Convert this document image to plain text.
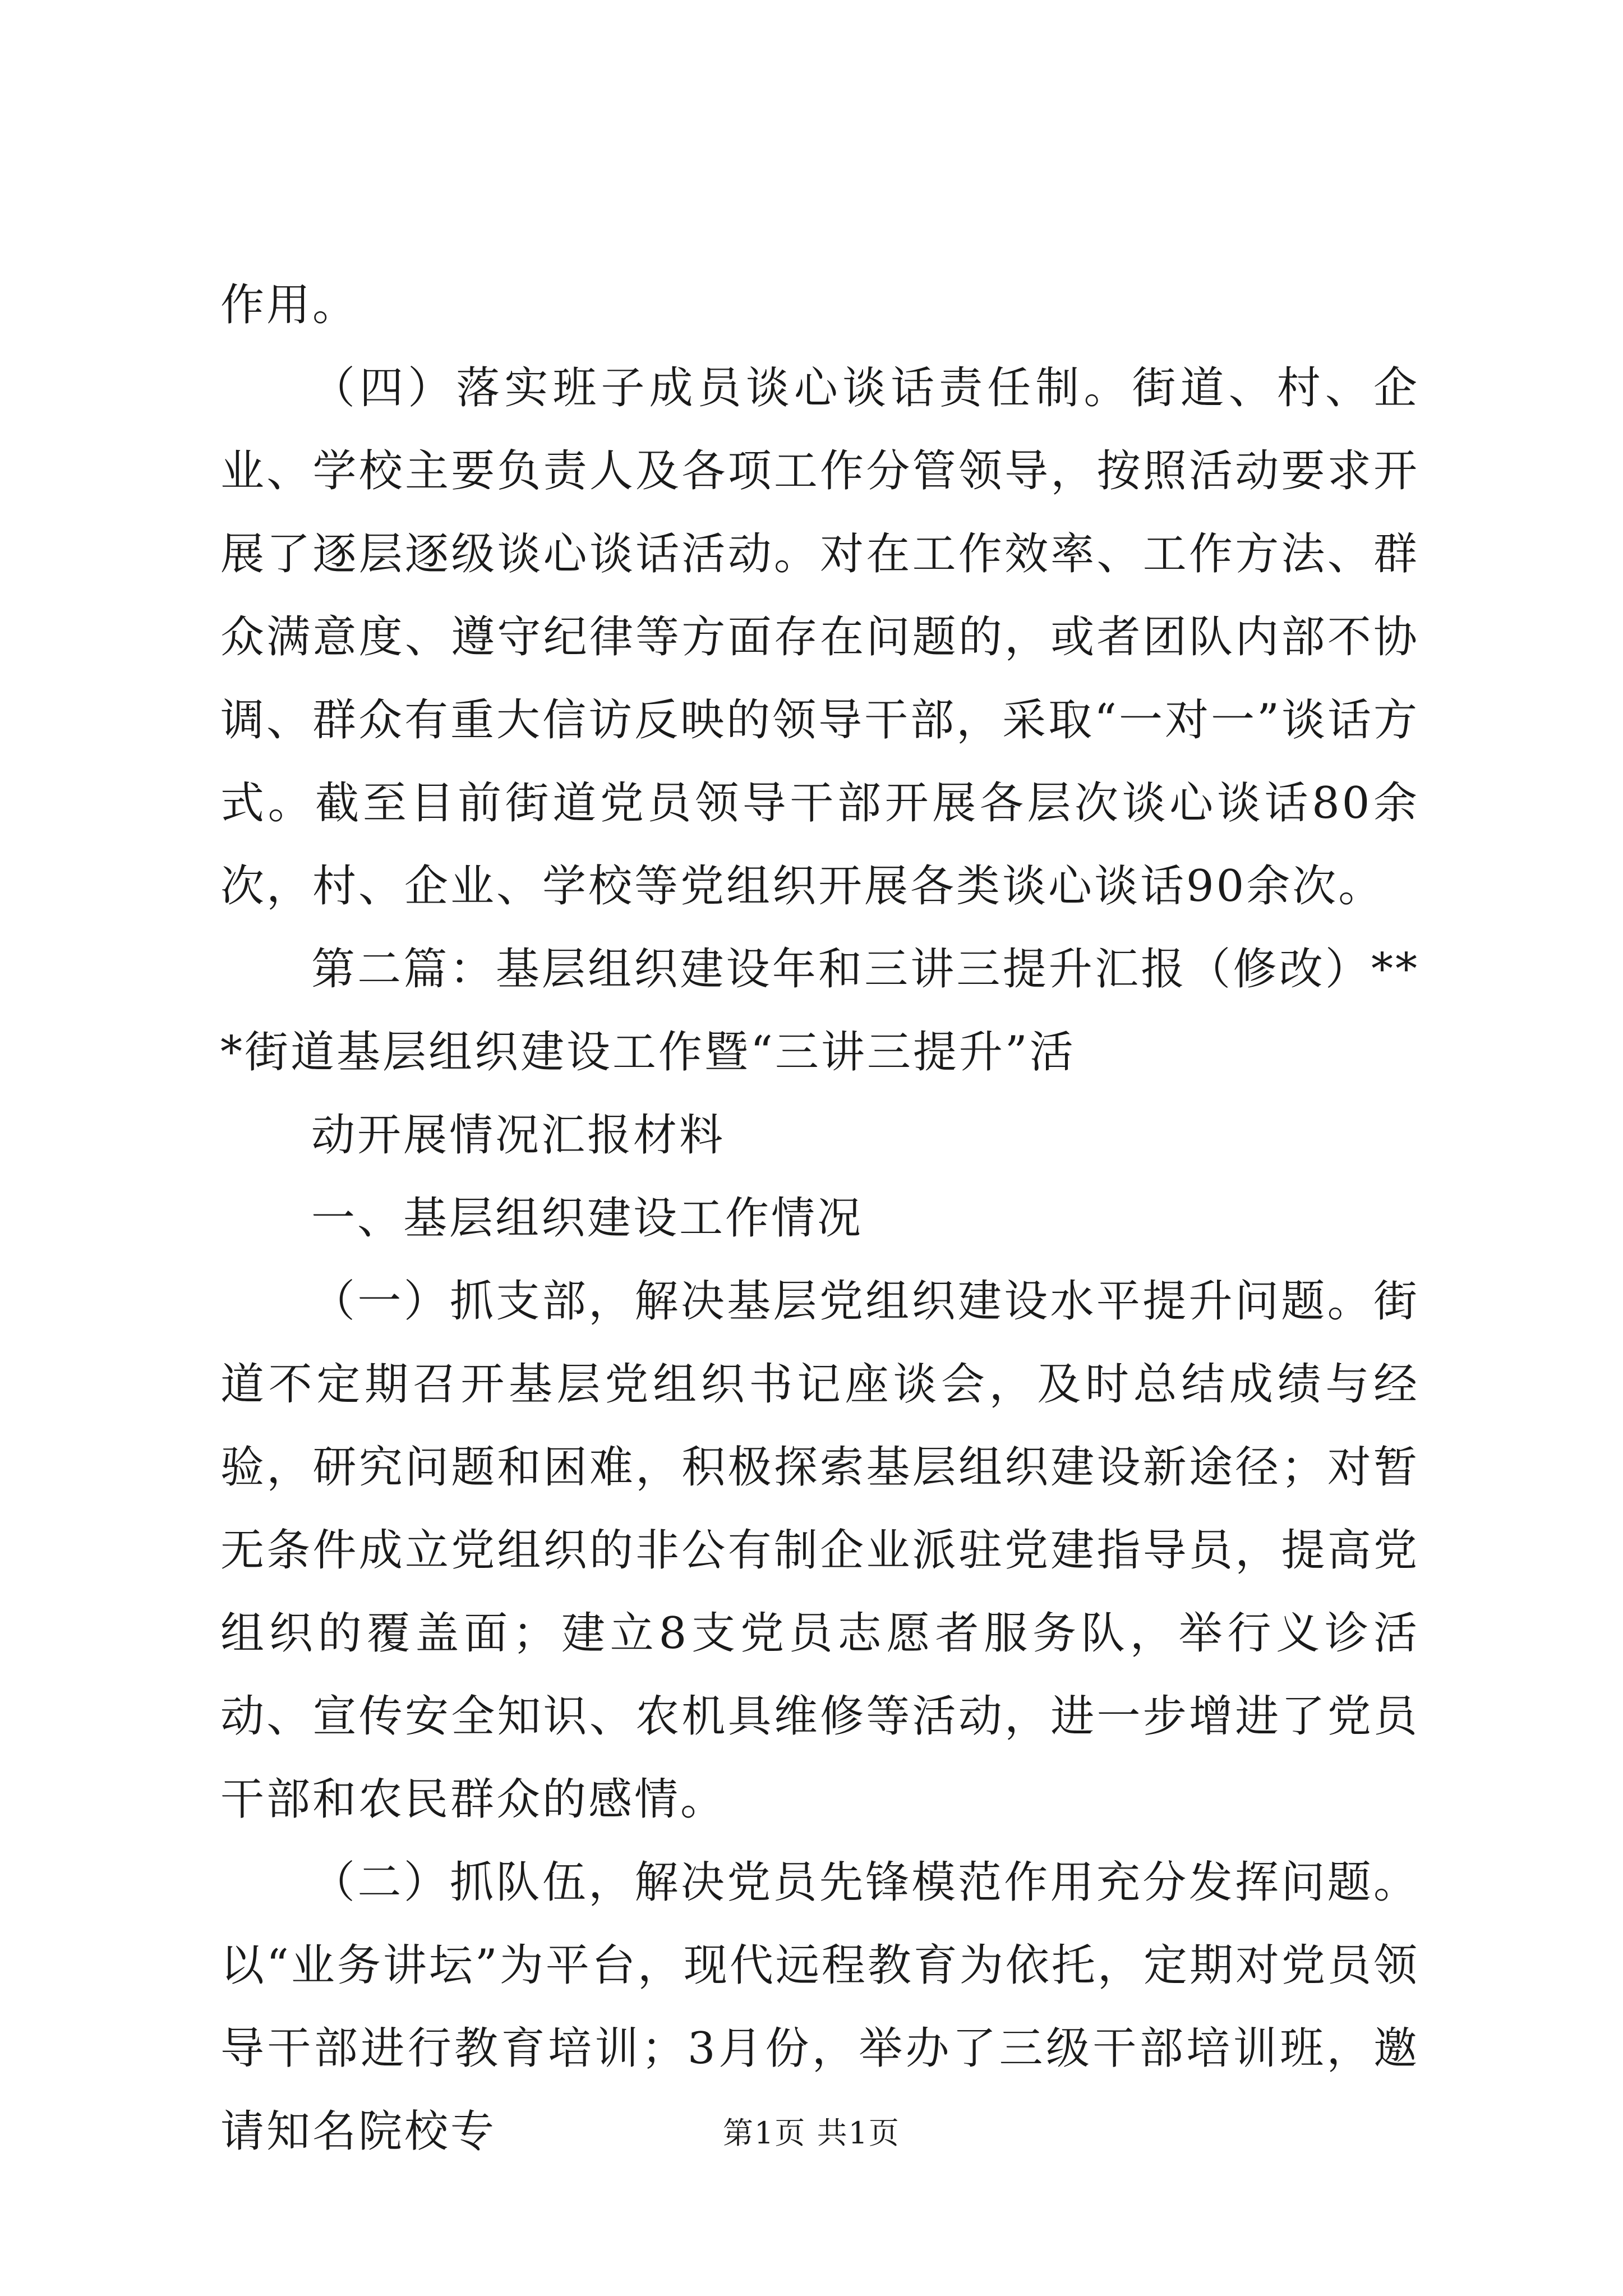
作用。

（四）落实班子成员谈心谈话责任制。街道、村、企业、学校主要负责人及各项工作分管领导，按照活动要求开展了逐层逐级谈心谈话活动。对在工作效率、工作方法、群众满意度、遵守纪律等方面存在问题的，或者团队内部不协调、群众有重大信访反映的领导干部，采取“一对一”谈话方式。截至目前街道党员领导干部开展各层次谈心谈话80余次，村、企业、学校等党组织开展各类谈心谈话90余次。

第二篇：基层组织建设年和三讲三提升汇报（修改）***街道基层组织建设工作暨“三讲三提升”活

动开展情况汇报材料

一、基层组织建设工作情况

（一）抓支部，解决基层党组织建设水平提升问题。街道不定期召开基层党组织书记座谈会，及时总结成绩与经验，研究问题和困难，积极探索基层组织建设新途径；对暂无条件成立党组织的非公有制企业派驻党建指导员，提高党组织的覆盖面；建立8支党员志愿者服务队，举行义诊活动、宣传安全知识、农机具维修等活动，进一步增进了党员干部和农民群众的感情。

（二）抓队伍，解决党员先锋模范作用充分发挥问题。以“业务讲坛”为平台，现代远程教育为依托，定期对党员领导干部进行教育培训；3月份，举办了三级干部培训班，邀请知名院校专	第1页 共1页
